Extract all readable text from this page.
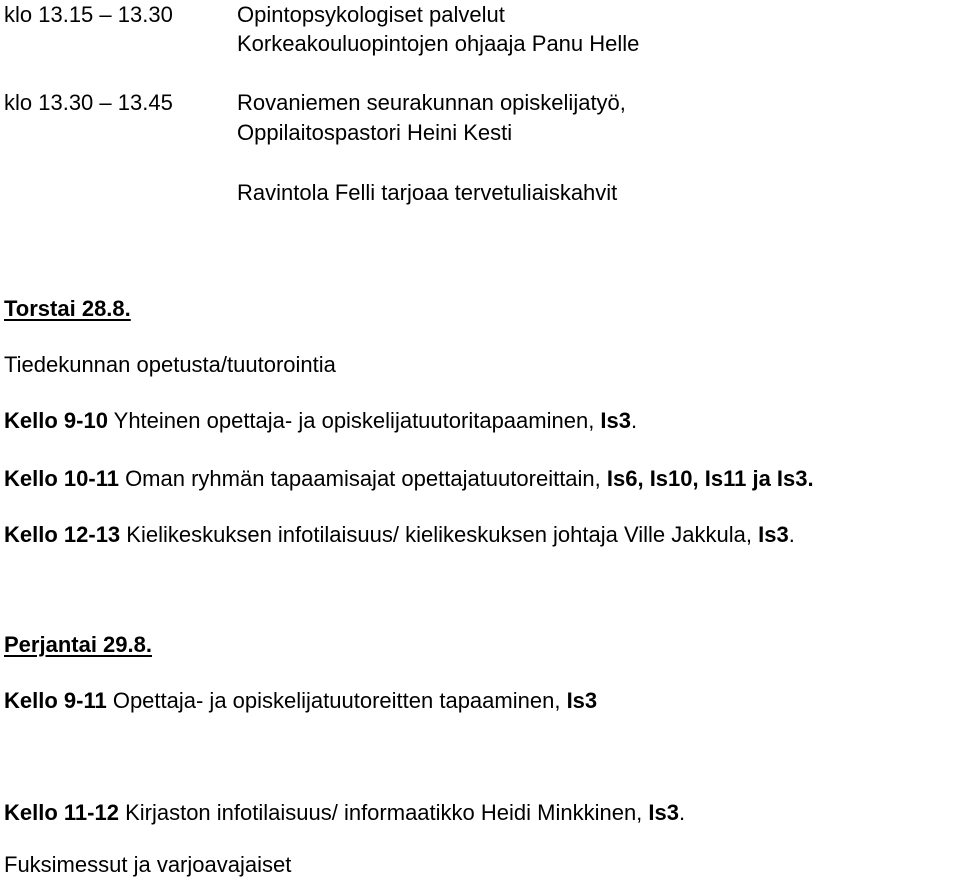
klo 13.15 – 13.30	Opintopsykologiset palvelut
Korkeakouluopintojen ohjaaja Panu Helle
klo 13.30 – 13.45	Rovaniemen seurakunnan opiskelijatyö,
Oppilaitospastori Heini Kesti
Ravintola Felli tarjoaa tervetuliaiskahvit
Torstai 28.8.
Tiedekunnan opetusta/tuutorointia
Kello 9-10 Yhteinen opettaja- ja opiskelijatuutoritapaaminen, Is3.
Kello 10-11 Oman ryhmän tapaamisajat opettajatuutoreittain, Is6, Is10, Is11 ja Is3.
Kello 12-13 Kielikeskuksen infotilaisuus/ kielikeskuksen johtaja Ville Jakkula, Is3.
Perjantai 29.8.
Kello 9-11 Opettaja- ja opiskelijatuutoreitten tapaaminen, Is3
Kello 11-12 Kirjaston infotilaisuus/ informaatikko Heidi Minkkinen, Is3.
Fuksimessut ja varjoavajaiset
